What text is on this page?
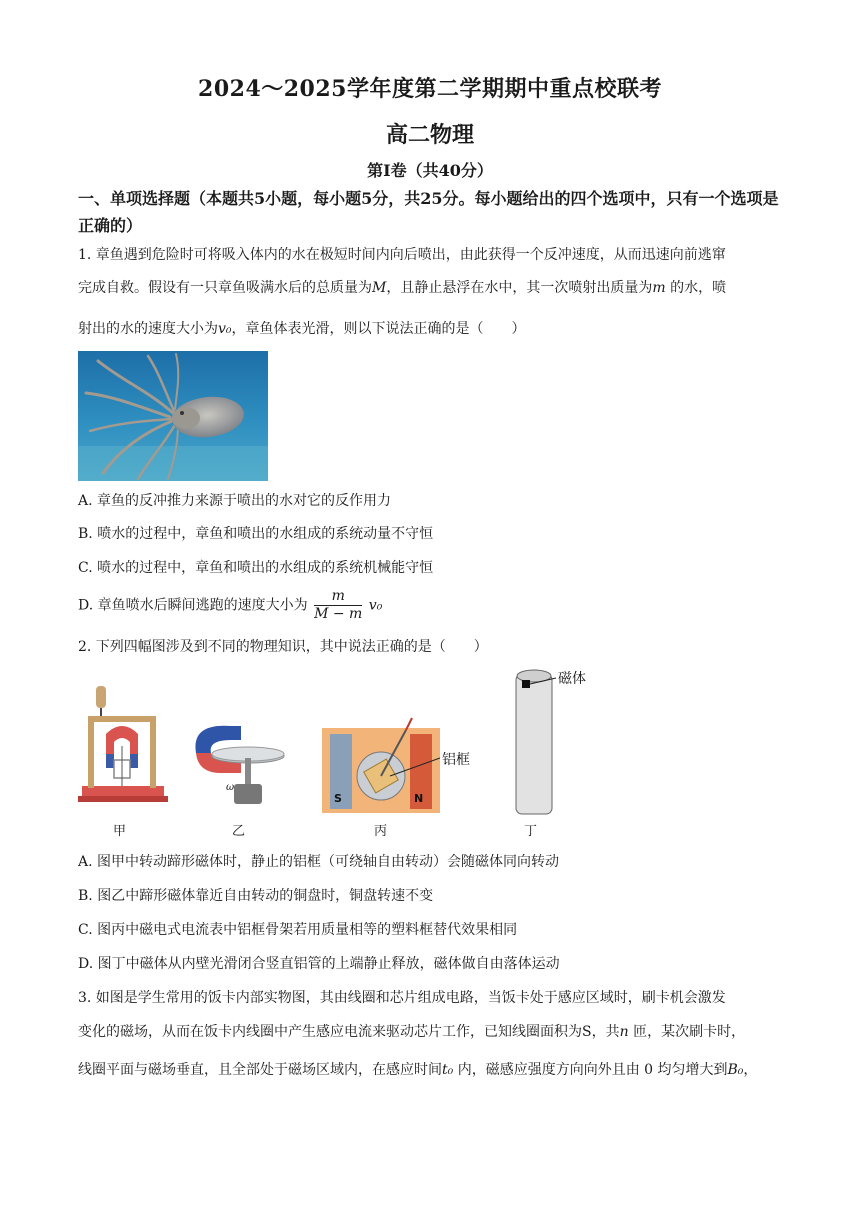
2024～2025学年度第二学期期中重点校联考
高二物理
第Ⅰ卷（共40分）
一、单项选择题（本题共5小题，每小题5分，共25分。每小题给出的四个选项中，只有一个选项是正确的）
1. 章鱼遇到危险时可将吸入体内的水在极短时间内向后喷出，由此获得一个反冲速度，从而迅速向前逃窜
完成自救。假设有一只章鱼吸满水后的总质量为M，且静止悬浮在水中，其一次喷射出质量为m 的水，喷
射出的水的速度大小为v₀，章鱼体表光滑，则以下说法正确的是（　　）
A. 章鱼的反冲推力来源于喷出的水对它的反作用力
B. 喷水的过程中，章鱼和喷出的水组成的系统动量不守恒
C. 喷水的过程中，章鱼和喷出的水组成的系统机械能守恒
D. 章鱼喷水后瞬间逃跑的速度大小为 $\frac{m}{M - m} v_0$
2. 下列四幅图涉及到不同的物理知识，其中说法正确的是（　　）
甲
ω
乙
S	N
铝框
丙
磁体
丁
A. 图甲中转动蹄形磁体时，静止的铝框（可绕轴自由转动）会随磁体同向转动
B. 图乙中蹄形磁体靠近自由转动的铜盘时，铜盘转速不变
C. 图丙中磁电式电流表中铝框骨架若用质量相等的塑料框替代效果相同
D. 图丁中磁体从内壁光滑闭合竖直铝管的上端静止释放，磁体做自由落体运动
3. 如图是学生常用的饭卡内部实物图，其由线圈和芯片组成电路，当饭卡处于感应区域时，刷卡机会激发
变化的磁场，从而在饭卡内线圈中产生感应电流来驱动芯片工作，已知线圈面积为S，共n 匝，某次刷卡时，
线圈平面与磁场垂直，且全部处于磁场区域内，在感应时间t₀ 内，磁感应强度方向向外且由 0 均匀增大到B₀，
